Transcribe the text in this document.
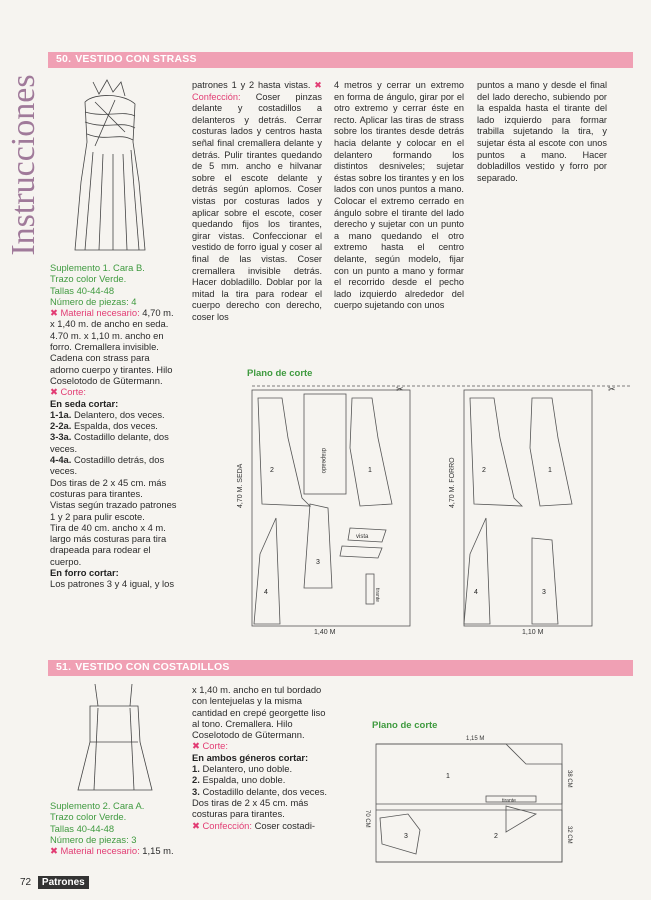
Instrucciones
50. VESTIDO CON STRASS

Suplemento 1. Cara B.

Trazo color Verde.

Tallas 40-44-48

Número de piezas: 4

✖ Material necesario: 4,70 m. x 1,40 m. de ancho en seda. 4.70 m. x 1,10 m. ancho en forro. Cremallera invisible. Cadena con strass para adorno cuerpo y tirantes. Hilo Coselotodo de Gütermann.

✖ Corte:

En seda cortar:

1-1a. Delantero, dos veces.

2-2a. Espalda, dos veces.

3-3a. Costadillo delante, dos veces.

4-4a. Costadillo detrás, dos veces.

Dos tiras de 2 x 45 cm. más costuras para tirantes.

Vistas según trazado patrones 1 y 2 para pulir escote.

Tira de 40 cm. ancho x 4 m. largo más costuras para tira drapeada para rodear el cuerpo.

En forro cortar:

Los patrones 3 y 4 igual, y los

patrones 1 y 2 hasta vistas. ✖ Confección: Coser pinzas delante y costadillos a delanteros y detrás. Cerrar costuras lados y centros hasta señal final cremallera delante y detrás. Pulir tirantes quedando de 5 mm. ancho e hilvanar sobre el escote delante y detrás según aplomos. Coser vistas por costuras lados y aplicar sobre el escote, coser quedando fijos los tirantes, girar vistas. Confeccionar el vestido de forro igual y coser al final de las vistas. Coser cremallera invisible detrás. Hacer dobladillo. Doblar por la mitad la tira para rodear el cuerpo derecho con derecho, coser los
4 metros y cerrar un extremo en forma de ángulo, girar por el otro extremo y cerrar éste en recto. Aplicar las tiras de strass sobre los tirantes desde detrás hacia delante y colocar en el delantero formando los distintos desniveles; sujetar éstas sobre los tirantes y en los lados con unos puntos a mano. Colocar el extremo cerrado en ángulo sobre el tirante del lado derecho y sujetar con un punto a mano quedando el otro extremo hasta el centro delante, según modelo, fijar con un punto a mano y formar el recorrido desde el pecho lado izquierdo alrededor del cuerpo sujetando con unos
puntos a mano y desde el final del lado derecho, subiendo por la espalda hasta el tirante del lado izquierdo para formar trabilla sujetando la tira, y sujetar ésta al escote con unos puntos a mano. Hacer dobladillos vestido y forro por separado.
Plano de corte
4,70 M. SEDA	4,70 M. FORRO
1,40 M	1,10 M
drapeado
vista
tirante
2	1
3
4
2	1
4	3
✂	✂
51. VESTIDO CON COSTADILLOS

Suplemento 2. Cara A.

Trazo color Verde.

Tallas 40-44-48

Número de piezas: 3

✖ Material necesario: 1,15 m.

x 1,40 m. ancho en tul bordado con lentejuelas y la misma cantidad en crepé georgette liso al tono. Cremallera. Hilo Coselotodo de Gütermann.

✖ Corte:

En ambos géneros cortar:

1. Delantero, uno doble.

2. Espalda, uno doble.

3. Costadillo delante, dos veces.

Dos tiras de 2 x 45 cm. más costuras para tirantes.

✖ Confección: Coser costadi-

Plano de corte
1,15 M
70 CM
38 CM
32 CM
tirante
1
2
3
72 Patrones
